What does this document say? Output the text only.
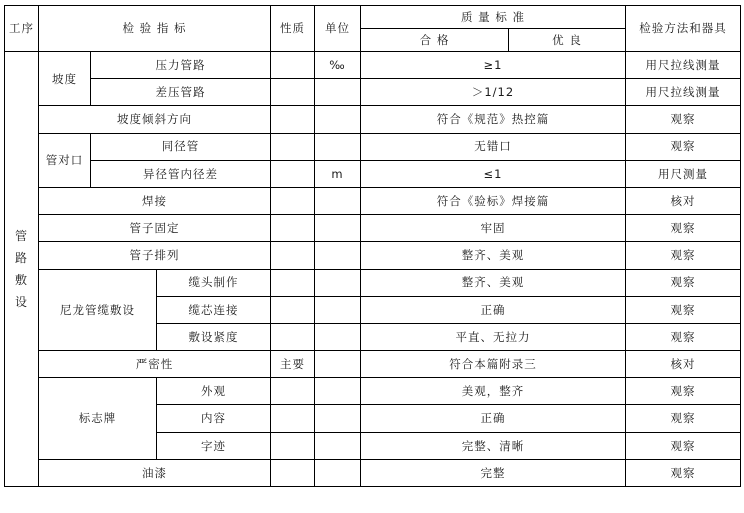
工序	检 验 指 标			性质	单位	质 量 标 准		检验方法和器具
						合 格	优 良	

管
路
敷
设	坡度	压力管路			‰	≥1		用尺拉线测量
		差压管路				＞1/12		用尺拉线测量
	坡度倾斜方向					符合《规范》热控篇		观察
	管对口	同径管				无错口		观察
		异径管内径差			m	≤1		用尺测量
	焊接					符合《验标》焊接篇		核对
	管子固定					牢固		观察
	管子排列					整齐、美观		观察
	尼龙管缆敷设		缆头制作			整齐、美观		观察
			缆芯连接			正确		观察
			敷设紧度			平直、无拉力		观察
	严密性			主要		符合本篇附录三		核对
	标志牌		外观			美观，整齐		观察
			内容			正确		观察
			字迹			完整、清晰		观察
	油漆					完整		观察
